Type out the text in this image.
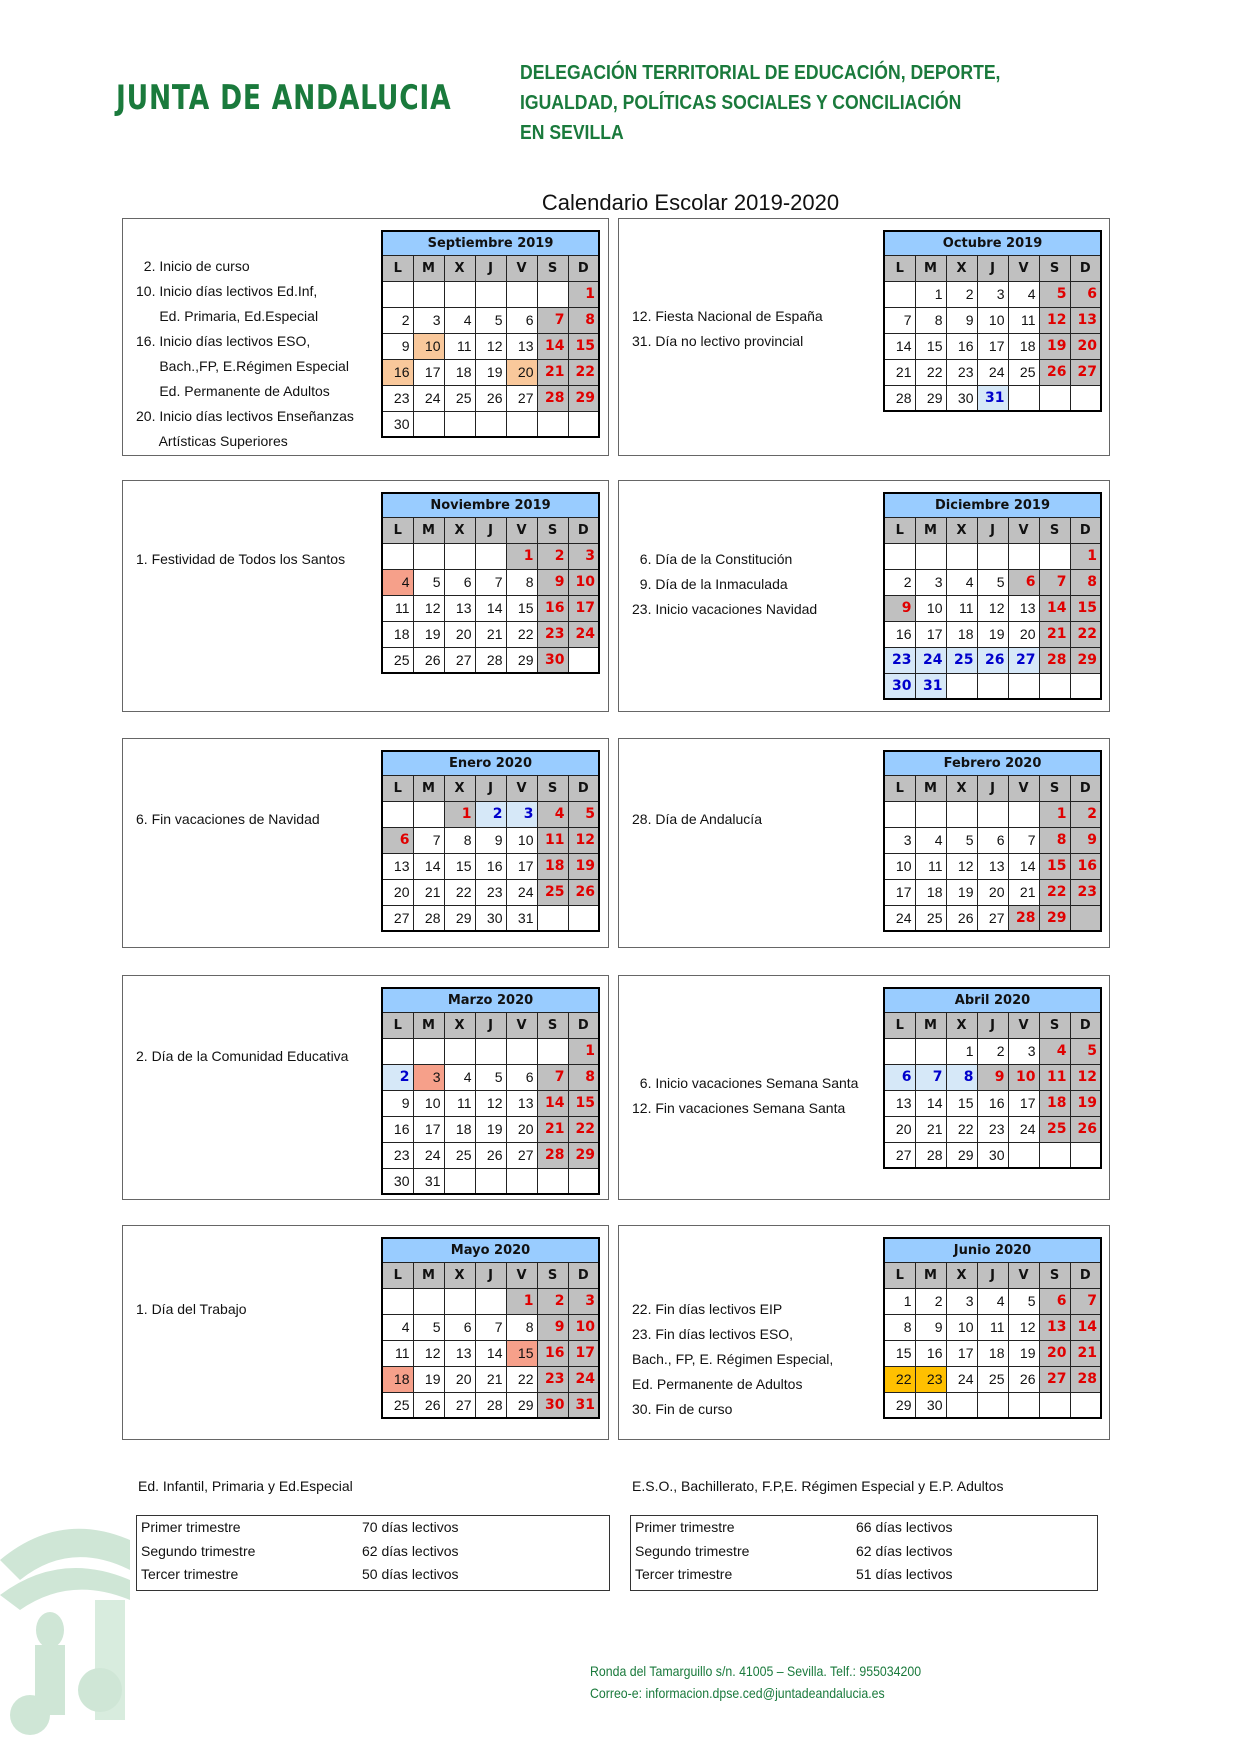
JUNTA DE ANDALUCIA
DELEGACIÓN TERRITORIAL DE EDUCACIÓN, DEPORTE,
IGUALDAD, POLÍTICAS SOCIALES Y CONCILIACIÓN
EN SEVILLA
Calendario Escolar 2019-2020
2. Inicio de curso
10. Inicio días lectivos Ed.Inf,
Ed. Primaria, Ed.Especial
16. Inicio días lectivos ESO,
Bach.,FP, E.Régimen Especial
Ed. Permanente de Adultos
20. Inicio días lectivos Enseñanzas
Artísticas Superiores
Septiembre 2019						
L	M	X	J	V	S	D
						1
2	3	4	5	6	7	8
9	10	11	12	13	14	15
16	17	18	19	20	21	22
23	24	25	26	27	28	29
30						
12. Fiesta Nacional de España
31. Día no lectivo provincial
Octubre 2019						
L	M	X	J	V	S	D
	1	2	3	4	5	6
7	8	9	10	11	12	13
14	15	16	17	18	19	20
21	22	23	24	25	26	27
28	29	30	31			
1. Festividad de Todos los Santos
Noviembre 2019						
L	M	X	J	V	S	D
				1	2	3
4	5	6	7	8	9	10
11	12	13	14	15	16	17
18	19	20	21	22	23	24
25	26	27	28	29	30	
6. Día de la Constitución
9. Día de la Inmaculada
23. Inicio vacaciones Navidad
Diciembre 2019						
L	M	X	J	V	S	D
						1
2	3	4	5	6	7	8
9	10	11	12	13	14	15
16	17	18	19	20	21	22
23	24	25	26	27	28	29
30	31					
6. Fin vacaciones de Navidad
Enero 2020						
L	M	X	J	V	S	D
		1	2	3	4	5
6	7	8	9	10	11	12
13	14	15	16	17	18	19
20	21	22	23	24	25	26
27	28	29	30	31		
28. Día de Andalucía
Febrero 2020						
L	M	X	J	V	S	D
					1	2
3	4	5	6	7	8	9
10	11	12	13	14	15	16
17	18	19	20	21	22	23
24	25	26	27	28	29	
2. Día de la Comunidad Educativa
Marzo 2020						
L	M	X	J	V	S	D
						1
2	3	4	5	6	7	8
9	10	11	12	13	14	15
16	17	18	19	20	21	22
23	24	25	26	27	28	29
30	31					
6. Inicio vacaciones Semana Santa
12. Fin vacaciones Semana Santa
Abril 2020						
L	M	X	J	V	S	D
		1	2	3	4	5
6	7	8	9	10	11	12
13	14	15	16	17	18	19
20	21	22	23	24	25	26
27	28	29	30			
1. Día del Trabajo
Mayo 2020						
L	M	X	J	V	S	D
				1	2	3
4	5	6	7	8	9	10
11	12	13	14	15	16	17
18	19	20	21	22	23	24
25	26	27	28	29	30	31
22. Fin días lectivos EIP
23. Fin días lectivos ESO,
Bach., FP, E. Régimen Especial,
Ed. Permanente de Adultos
30. Fin de curso
Junio 2020						
L	M	X	J	V	S	D
1	2	3	4	5	6	7
8	9	10	11	12	13	14
15	16	17	18	19	20	21
22	23	24	25	26	27	28
29	30					
Ed. Infantil, Primaria y Ed.Especial	E.S.O., Bachillerato, F.P,E. Régimen Especial y E.P. Adultos
Primer trimestre	70 días lectivos
Segundo trimestre	62 días lectivos
Tercer trimestre	50 días lectivos
Primer trimestre	66 días lectivos
Segundo trimestre	62 días lectivos
Tercer trimestre	51 días lectivos
Ronda del Tamarguillo s/n. 41005 – Sevilla. Telf.: 955034200
Correo-e: informacion.dpse.ced@juntadeandalucia.es
